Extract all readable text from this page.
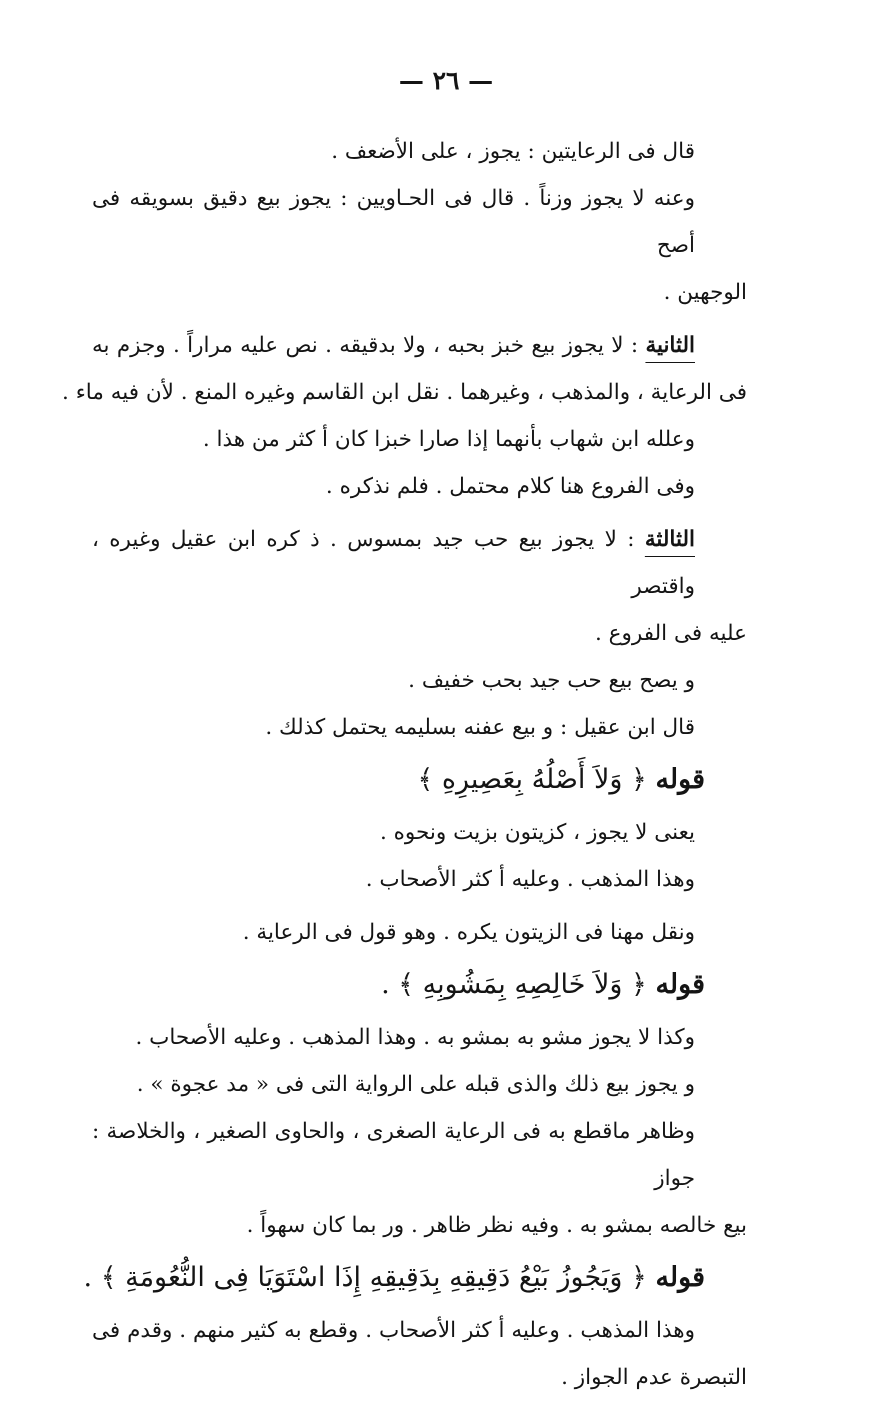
— ٢٦ —
قال فى الرعايتين : يجوز ، على الأضعف .
وعنه لا يجوز وزناً . قال فى الحـاويين : يجوز بيع دقيق بسويقه فى أصح
الوجهين .
الثانية : لا يجوز بيع خبز بحبه ، ولا بدقيقه . نص عليه مراراً . وجزم به
فى الرعاية ، والمذهب ، وغيرهما . نقل ابن القاسم وغيره المنع . لأن فيه ماء .
وعلله ابن شهاب بأنهما إذا صارا خبزا كان أ كثر من هذا .
وفى الفروع هنا كلام محتمل . فلم نذكره .
الثالثة : لا يجوز بيع حب جيد بمسوس . ذ كره ابن عقيل وغيره ، واقتصر
عليه فى الفروع .
و يصح بيع حب جيد بحب خفيف .
قال ابن عقيل : و بيع عفنه بسليمه يحتمل كذلك .
قوله ﴿ وَلاَ أَصْلُهُ بِعَصِيرِهِ ﴾
يعنى لا يجوز ، كزيتون بزيت ونحوه .
وهذا المذهب . وعليه أ كثر الأصحاب .
ونقل مهنا فى الزيتون يكره . وهو قول فى الرعاية .
قوله ﴿ وَلاَ خَالِصِهِ بِمَشُوبِهِ ﴾ .
وكذا لا يجوز مشو به بمشو به . وهذا المذهب . وعليه الأصحاب .
و يجوز بيع ذلك والذى قبله على الرواية التى فى « مد عجوة » .
وظاهر ماقطع به فى الرعاية الصغرى ، والحاوى الصغير ، والخلاصة : جواز
بيع خالصه بمشو به . وفيه نظر ظاهر . ور بما كان سهواً .
قوله ﴿ وَيَجُوزُ بَيْعُ دَقِيقِهِ بِدَقِيقِهِ إِذَا اسْتَوَيَا فِى النُّعُومَةِ ﴾ .
وهذا المذهب . وعليه أ كثر الأصحاب . وقطع به كثير منهم . وقدم فى
التبصرة عدم الجواز .
